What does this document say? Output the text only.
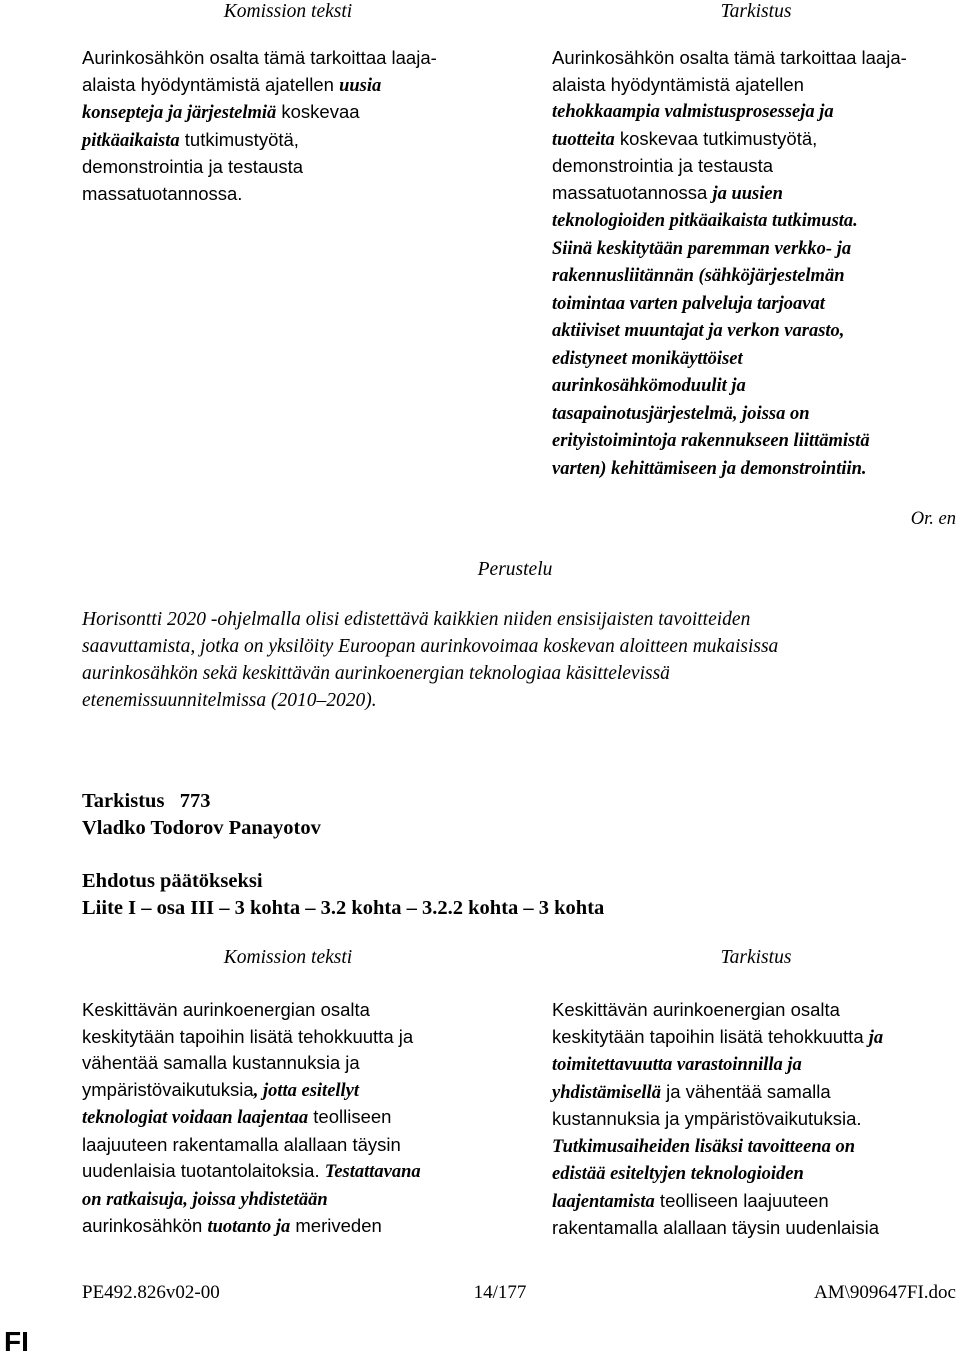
Komission teksti	Tarkistus
Aurinkosähkön osalta tämä tarkoittaa laaja-
alaista hyödyntämistä ajatellen uusia
konsepteja ja järjestelmiä koskevaa
pitkäaikaista tutkimustyötä,
demonstrointia ja testausta
massatuotannossa.
Aurinkosähkön osalta tämä tarkoittaa laaja-
alaista hyödyntämistä ajatellen
tehokkaampia valmistusprosesseja ja
tuotteita koskevaa tutkimustyötä,
demonstrointia ja testausta
massatuotannossa ja uusien
teknologioiden pitkäaikaista tutkimusta.
Siinä keskitytään paremman verkko- ja
rakennusliitännän (sähköjärjestelmän
toimintaa varten palveluja tarjoavat
aktiiviset muuntajat ja verkon varasto,
edistyneet monikäyttöiset
aurinkosähkömoduulit ja
tasapainotusjärjestelmä, joissa on
erityistoimintoja rakennukseen liittämistä
varten) kehittämiseen ja demonstrointiin.
Or. en
Perustelu
Horisontti 2020 -ohjelmalla olisi edistettävä kaikkien niiden ensisijaisten tavoitteiden
saavuttamista, jotka on yksilöity Euroopan aurinkovoimaa koskevan aloitteen mukaisissa
aurinkosähkön sekä keskittävän aurinkoenergian teknologiaa käsittelevissä
etenemissuunnitelmissa (2010–2020).
Tarkistus   773
Vladko Todorov Panayotov
Ehdotus päätökseksi
Liite I – osa III – 3 kohta – 3.2 kohta – 3.2.2 kohta – 3 kohta
Komission teksti	Tarkistus
Keskittävän aurinkoenergian osalta
keskitytään tapoihin lisätä tehokkuutta ja
vähentää samalla kustannuksia ja
ympäristövaikutuksia, jotta esitellyt
teknologiat voidaan laajentaa teolliseen
laajuuteen rakentamalla alallaan täysin
uudenlaisia tuotantolaitoksia. Testattavana
on ratkaisuja, joissa yhdistetään
aurinkosähkön tuotanto ja meriveden
Keskittävän aurinkoenergian osalta
keskitytään tapoihin lisätä tehokkuutta ja
toimitettavuutta varastoinnilla ja
yhdistämisellä ja vähentää samalla
kustannuksia ja ympäristövaikutuksia.
Tutkimusaiheiden lisäksi tavoitteena on
edistää esiteltyjen teknologioiden
laajentamista teolliseen laajuuteen
rakentamalla alallaan täysin uudenlaisia
PE492.826v02-00	14/177	AM\909647FI.doc
FI
